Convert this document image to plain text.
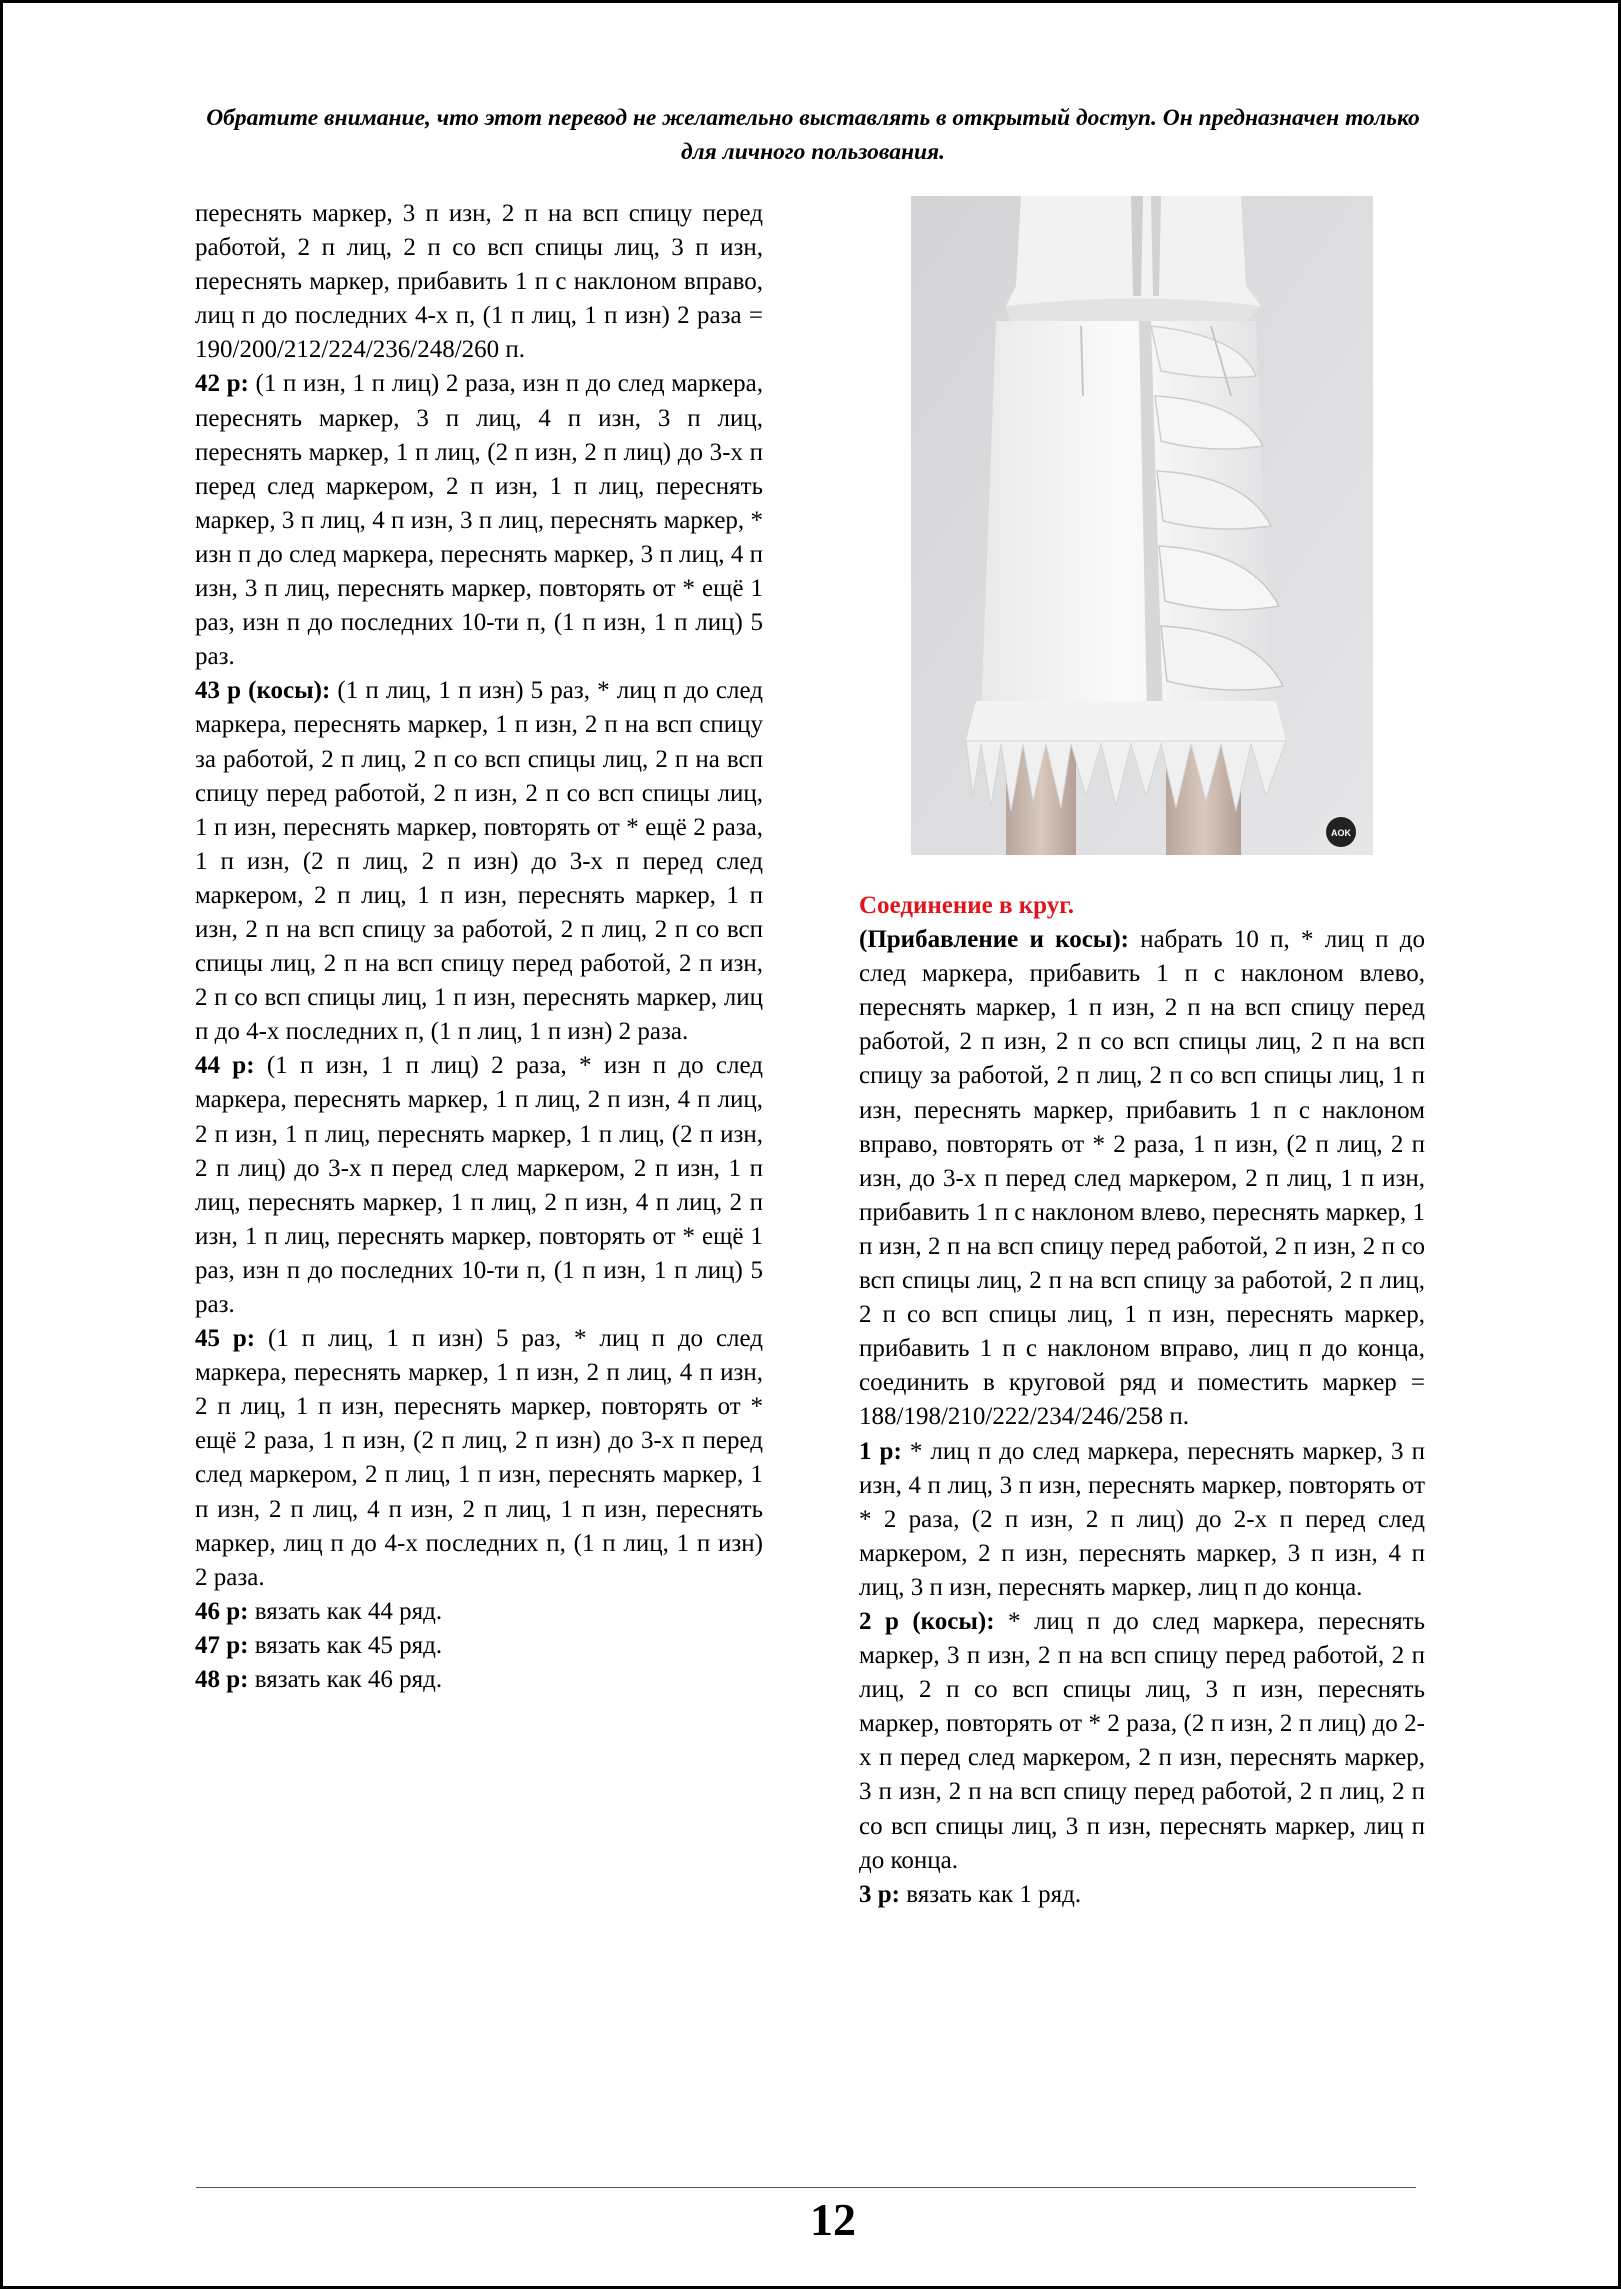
Обратите внимание, что этот перевод не желательно выставлять в открытый доступ. Он предназначен только для личного пользования.

переснять маркер, 3 п изн, 2 п на всп спицу перед работой, 2 п лиц, 2 п со всп спицы лиц, 3 п изн, переснять маркер, прибавить 1 п с наклоном вправо, лиц п до последних 4-х п, (1 п лиц, 1 п изн) 2 раза = 190/200/212/224/236/248/260 п.

42 р: (1 п изн, 1 п лиц) 2 раза, изн п до след маркера, переснять маркер, 3 п лиц, 4 п изн, 3 п лиц, переснять маркер, 1 п лиц, (2 п изн, 2 п лиц) до 3-х п перед след маркером, 2 п изн, 1 п лиц, переснять маркер, 3 п лиц, 4 п изн, 3 п лиц, переснять маркер, * изн п до след маркера, переснять маркер, 3 п лиц, 4 п изн, 3 п лиц, переснять маркер, повторять от * ещё 1 раз, изн п до последних 10-ти п, (1 п изн, 1 п лиц) 5 раз.

43 р (косы): (1 п лиц, 1 п изн) 5 раз, * лиц п до след маркера, переснять маркер, 1 п изн, 2 п на всп спицу за работой, 2 п лиц, 2 п со всп спицы лиц, 2 п на всп спицу перед работой, 2 п изн, 2 п со всп спицы лиц, 1 п изн, переснять маркер, повторять от * ещё 2 раза, 1 п изн, (2 п лиц, 2 п изн) до 3-х п перед след маркером, 2 п лиц, 1 п изн, переснять маркер, 1 п изн, 2 п на всп спицу за работой, 2 п лиц, 2 п со всп спицы лиц, 2 п на всп спицу перед работой, 2 п изн, 2 п со всп спицы лиц, 1 п изн, переснять маркер, лиц п до 4-х последних п, (1 п лиц, 1 п изн) 2 раза.

44 р: (1 п изн, 1 п лиц) 2 раза, * изн п до след маркера, переснять маркер, 1 п лиц, 2 п изн, 4 п лиц, 2 п изн, 1 п лиц, переснять маркер, 1 п лиц, (2 п изн, 2 п лиц) до 3-х п перед след маркером, 2 п изн, 1 п лиц, переснять маркер, 1 п лиц, 2 п изн, 4 п лиц, 2 п изн, 1 п лиц, переснять маркер, повторять от * ещё 1 раз, изн п до последних 10-ти п, (1 п изн, 1 п лиц) 5 раз.

45 р: (1 п лиц, 1 п изн) 5 раз, * лиц п до след маркера, переснять маркер, 1 п изн, 2 п лиц, 4 п изн, 2 п лиц, 1 п изн, переснять маркер, повторять от * ещё 2 раза, 1 п изн, (2 п лиц, 2 п изн) до 3-х п перед след маркером, 2 п лиц, 1 п изн, переснять маркер, 1 п изн, 2 п лиц, 4 п изн, 2 п лиц, 1 п изн, переснять маркер, лиц п до 4-х последних п, (1 п лиц, 1 п изн) 2 раза.

46 р: вязать как 44 ряд.

47 р: вязать как 45 ряд.

48 р: вязать как 46 ряд.

AOK

Соединение в круг.

(Прибавление и косы): набрать 10 п, * лиц п до след маркера, прибавить 1 п с наклоном влево, переснять маркер, 1 п изн, 2 п на всп спицу перед работой, 2 п изн, 2 п со всп спицы лиц, 2 п на всп спицу за работой, 2 п лиц, 2 п со всп спицы лиц, 1 п изн, переснять маркер, прибавить 1 п с наклоном вправо, повторять от * 2 раза, 1 п изн, (2 п лиц, 2 п изн, до 3-х п перед след маркером, 2 п лиц, 1 п изн, прибавить 1 п с наклоном влево, переснять маркер, 1 п изн, 2 п на всп спицу перед работой, 2 п изн, 2 п со всп спицы лиц, 2 п на всп спицу за работой, 2 п лиц, 2 п со всп спицы лиц, 1 п изн, переснять маркер, прибавить 1 п с наклоном вправо, лиц п до конца, соединить в круговой ряд и поместить маркер = 188/198/210/222/234/246/258 п.

1 р: * лиц п до след маркера, переснять маркер, 3 п изн, 4 п лиц, 3 п изн, переснять маркер, повторять от * 2 раза, (2 п изн, 2 п лиц) до 2-х п перед след маркером, 2 п изн, переснять маркер, 3 п изн, 4 п лиц, 3 п изн, переснять маркер, лиц п до конца.

2 р (косы): * лиц п до след маркера, переснять маркер, 3 п изн, 2 п на всп спицу перед работой, 2 п лиц, 2 п со всп спицы лиц, 3 п изн, переснять маркер, повторять от * 2 раза, (2 п изн, 2 п лиц) до 2-х п перед след маркером, 2 п изн, переснять маркер, 3 п изн, 2 п на всп спицу перед работой, 2 п лиц, 2 п со всп спицы лиц, 3 п изн, переснять маркер, лиц п до конца.

3 р: вязать как 1 ряд.

12
